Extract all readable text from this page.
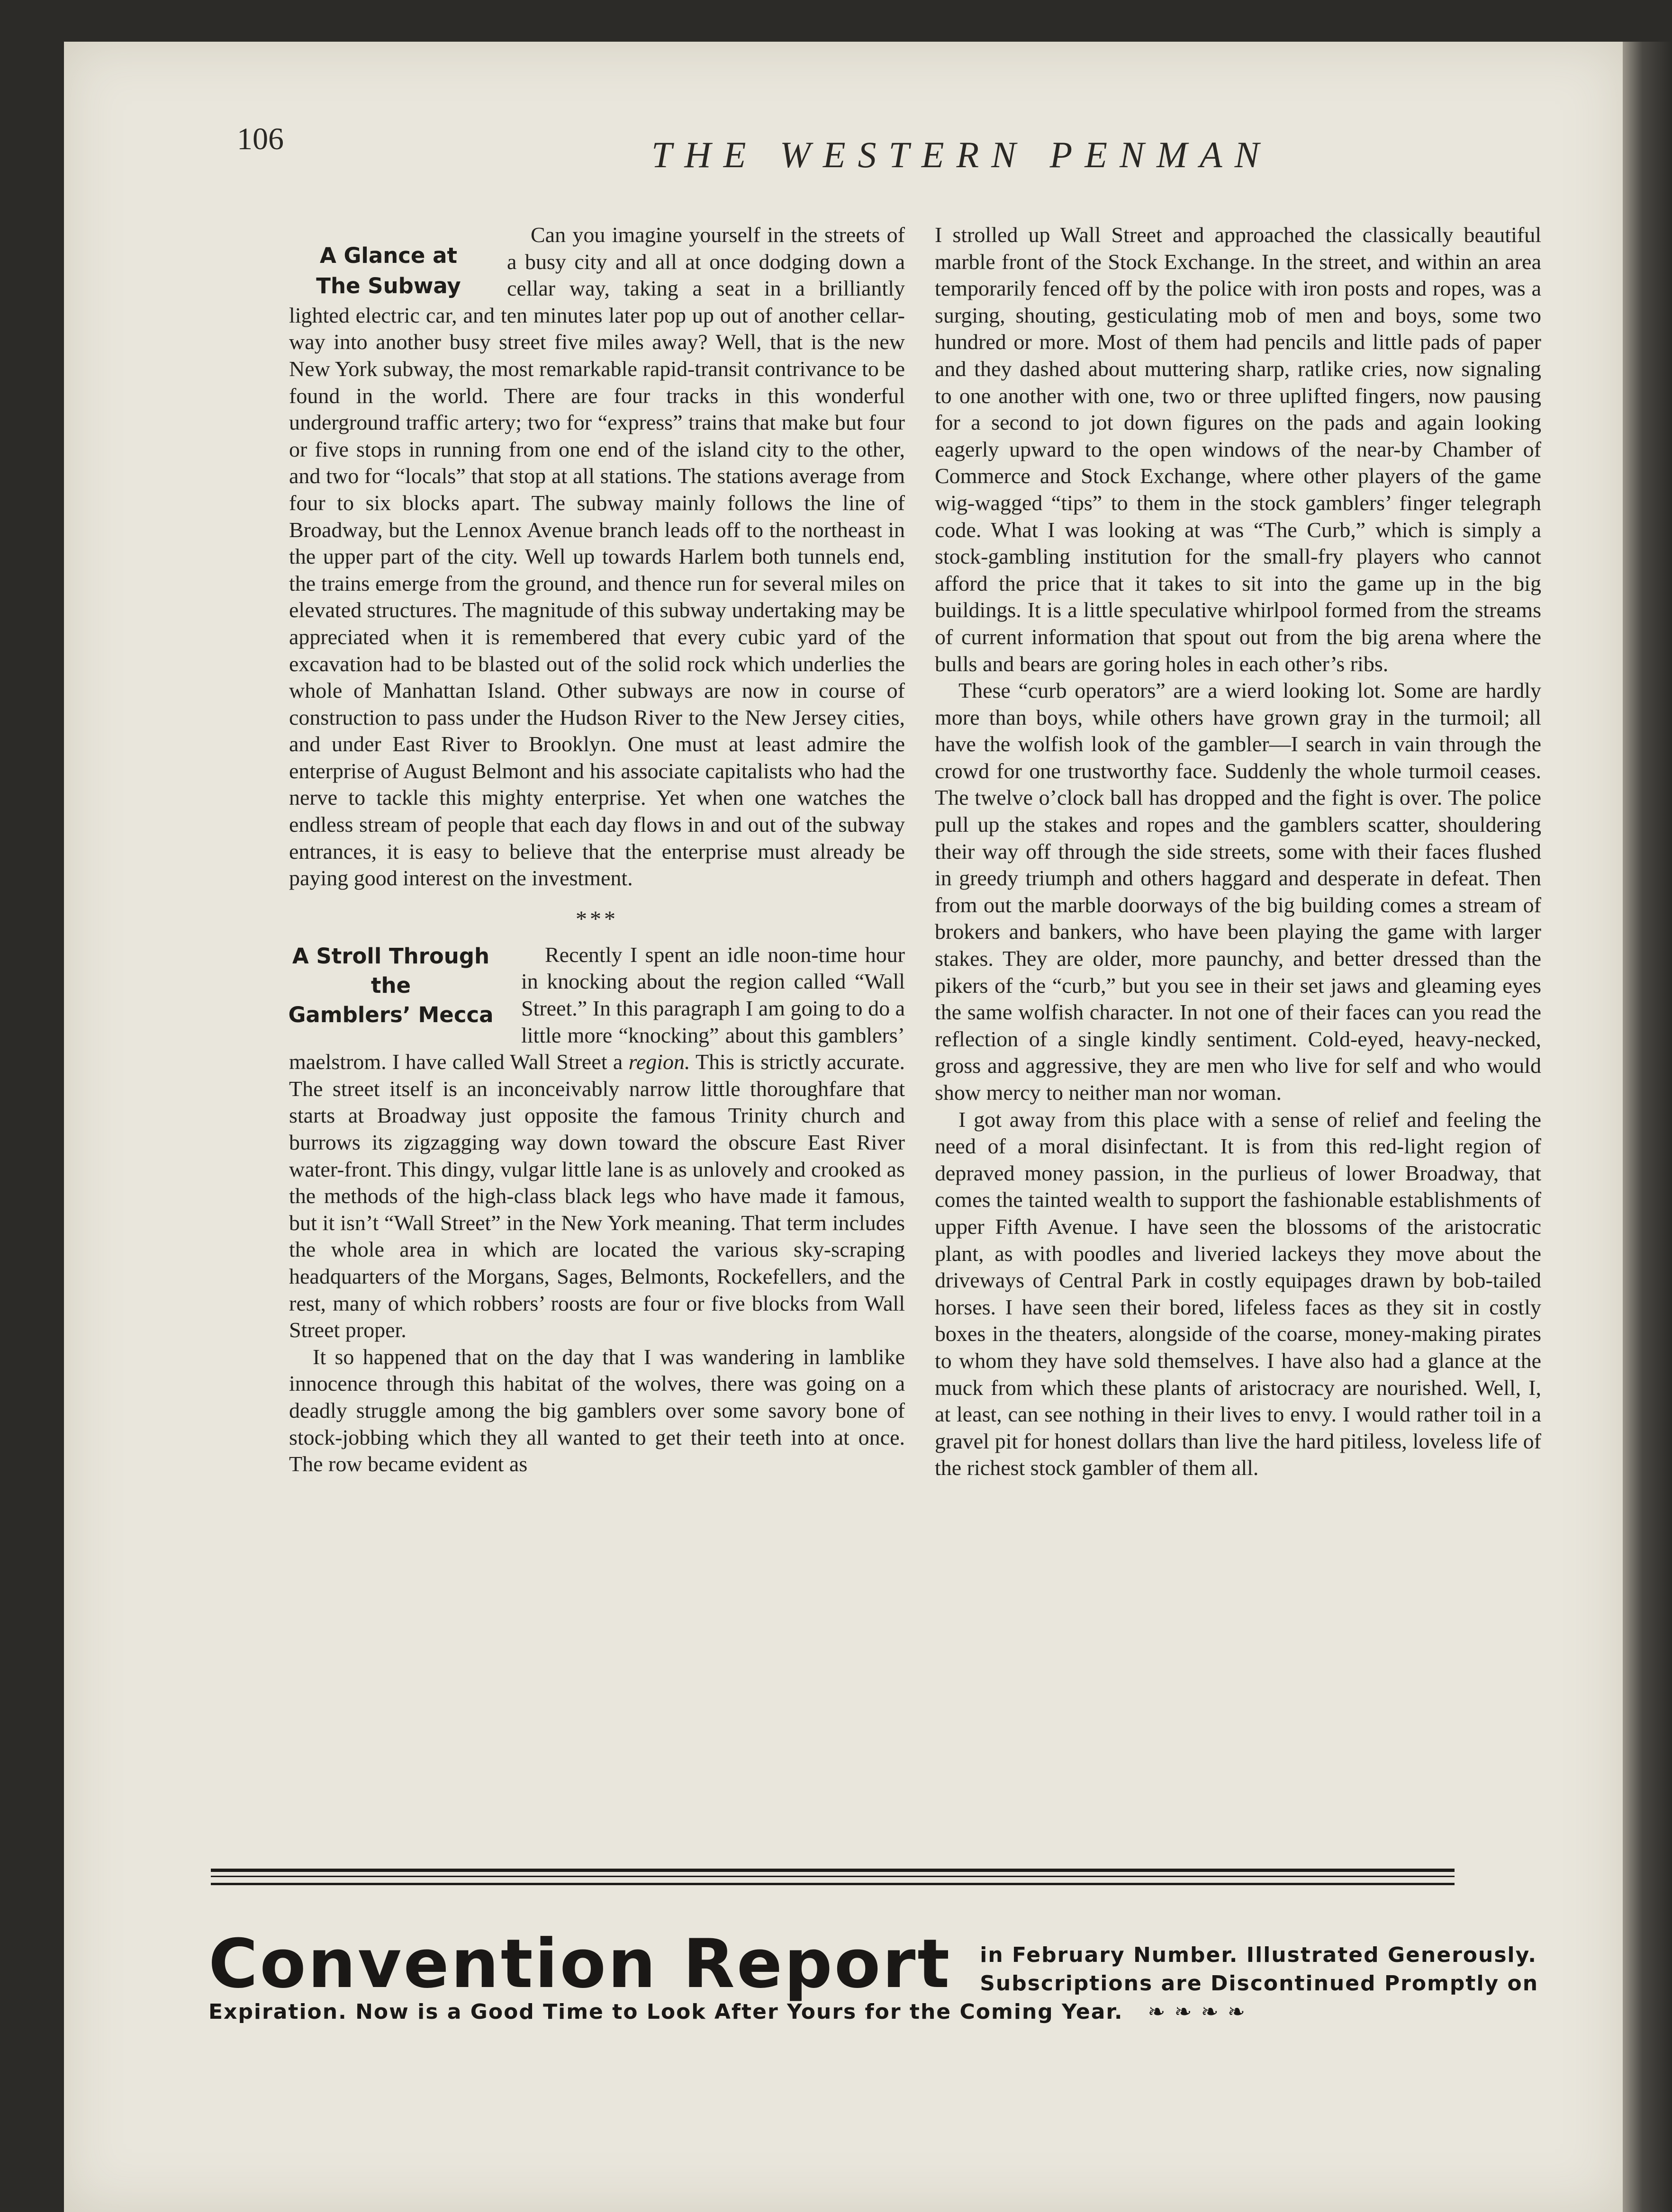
106	THE WESTERN PENMAN
A Glance at
The Subway

Can you imagine yourself in the streets of a busy city and all at once dodging down a cellar way, taking a seat in a brilliantly lighted electric car, and ten minutes later pop up out of another cellar-way into another busy street five miles away? Well, that is the new New York subway, the most remarkable rapid-transit contrivance to be found in the world. There are four tracks in this wonderful underground traffic artery; two for “express” trains that make but four or five stops in running from one end of the island city to the other, and two for “locals” that stop at all stations. The stations average from four to six blocks apart. The subway mainly follows the line of Broadway, but the Lennox Avenue branch leads off to the northeast in the upper part of the city. Well up towards Harlem both tunnels end, the trains emerge from the ground, and thence run for several miles on elevated structures. The magnitude of this subway undertaking may be appreciated when it is remembered that every cubic yard of the excavation had to be blasted out of the solid rock which underlies the whole of Manhattan Island. Other subways are now in course of construction to pass under the Hudson River to the New Jersey cities, and under East River to Brooklyn. One must at least admire the enterprise of August Belmont and his associate capitalists who had the nerve to tackle this mighty enterprise. Yet when one watches the endless stream of people that each day flows in and out of the subway entrances, it is easy to believe that the enterprise must already be paying good interest on the investment.

***
A Stroll Through
the
Gamblers’ Mecca

Recently I spent an idle noon-time hour in knocking about the region called “Wall Street.” In this paragraph I am going to do a little more “knocking” about this gamblers’ maelstrom. I have called Wall Street a region. This is strictly accurate. The street itself is an inconceivably narrow little thoroughfare that starts at Broadway just opposite the famous Trinity church and burrows its zigzagging way down toward the obscure East River water-front. This dingy, vulgar little lane is as unlovely and crooked as the methods of the high-class black legs who have made it famous, but it isn’t “Wall Street” in the New York meaning. That term includes the whole area in which are located the various sky-scraping headquarters of the Morgans, Sages, Belmonts, Rockefellers, and the rest, many of which robbers’ roosts are four or five blocks from Wall Street proper.

It so happened that on the day that I was wandering in lamblike innocence through this habitat of the wolves, there was going on a deadly struggle among the big gamblers over some savory bone of stock-jobbing which they all wanted to get their teeth into at once. The row became evident as

I strolled up Wall Street and approached the classically beautiful marble front of the Stock Exchange. In the street, and within an area temporarily fenced off by the police with iron posts and ropes, was a surging, shouting, gesticulating mob of men and boys, some two hundred or more. Most of them had pencils and little pads of paper and they dashed about muttering sharp, ratlike cries, now signaling to one another with one, two or three uplifted fingers, now pausing for a second to jot down figures on the pads and again looking eagerly upward to the open windows of the near-by Chamber of Commerce and Stock Exchange, where other players of the game wig-wagged “tips” to them in the stock gamblers’ finger telegraph code. What I was looking at was “The Curb,” which is simply a stock-gambling institution for the small-fry players who cannot afford the price that it takes to sit into the game up in the big buildings. It is a little speculative whirlpool formed from the streams of current information that spout out from the big arena where the bulls and bears are goring holes in each other’s ribs.

These “curb operators” are a wierd looking lot. Some are hardly more than boys, while others have grown gray in the turmoil; all have the wolfish look of the gambler—I search in vain through the crowd for one trustworthy face. Suddenly the whole turmoil ceases. The twelve o’clock ball has dropped and the fight is over. The police pull up the stakes and ropes and the gamblers scatter, shouldering their way off through the side streets, some with their faces flushed in greedy triumph and others haggard and desperate in defeat. Then from out the marble doorways of the big building comes a stream of brokers and bankers, who have been playing the game with larger stakes. They are older, more paunchy, and better dressed than the pikers of the “curb,” but you see in their set jaws and gleaming eyes the same wolfish character. In not one of their faces can you read the reflection of a single kindly sentiment. Cold-eyed, heavy-necked, gross and aggressive, they are men who live for self and who would show mercy to neither man nor woman.

I got away from this place with a sense of relief and feeling the need of a moral disinfectant. It is from this red-light region of depraved money passion, in the purlieus of lower Broadway, that comes the tainted wealth to support the fashionable establishments of upper Fifth Avenue. I have seen the blossoms of the aristocratic plant, as with poodles and liveried lackeys they move about the driveways of Central Park in costly equipages drawn by bob-tailed horses. I have seen their bored, lifeless faces as they sit in costly boxes in the theaters, alongside of the coarse, money-making pirates to whom they have sold themselves. I have also had a glance at the muck from which these plants of aristocracy are nourished. Well, I, at least, can see nothing in their lives to envy. I would rather toil in a gravel pit for honest dollars than live the hard pitiless, loveless life of the richest stock gambler of them all.

Convention Report	in February Number. Illustrated Generously.
Subscriptions are Discontinued Promptly on
Expiration. Now is a Good Time to Look After Yours for the Coming Year. ❧ ❧ ❧ ❧
